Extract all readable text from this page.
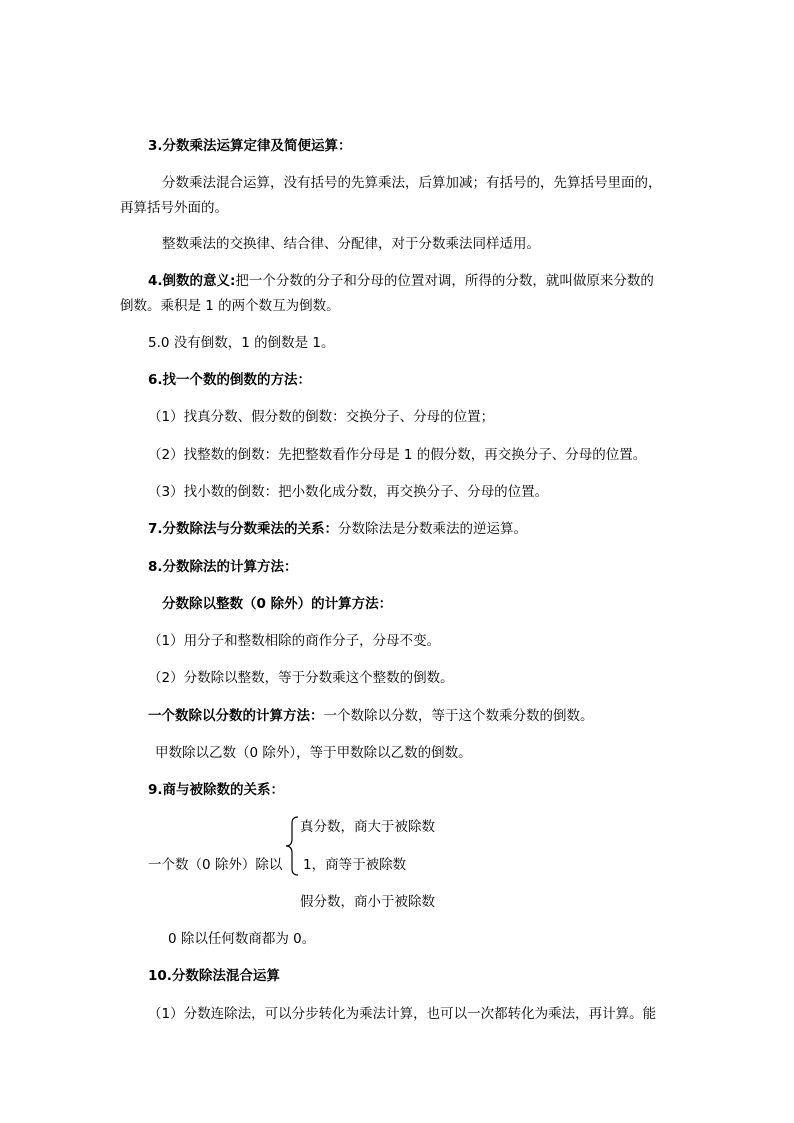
3.分数乘法运算定律及简便运算：
分数乘法混合运算，没有括号的先算乘法，后算加减；有括号的，先算括号里面的，
再算括号外面的。
整数乘法的交换律、结合律、分配律，对于分数乘法同样适用。
4.倒数的意义:把一个分数的分子和分母的位置对调，所得的分数，就叫做原来分数的
倒数。乘积是 1 的两个数互为倒数。
5.0 没有倒数，1 的倒数是 1。
6.找一个数的倒数的方法：
（1）找真分数、假分数的倒数：交换分子、分母的位置；
（2）找整数的倒数：先把整数看作分母是 1 的假分数，再交换分子、分母的位置。
（3）找小数的倒数：把小数化成分数，再交换分子、分母的位置。
7.分数除法与分数乘法的关系：分数除法是分数乘法的逆运算。
8.分数除法的计算方法：
分数除以整数（0 除外）的计算方法：
（1）用分子和整数相除的商作分子，分母不变。
（2）分数除以整数，等于分数乘这个整数的倒数。
一个数除以分数的计算方法：一个数除以分数，等于这个数乘分数的倒数。
甲数除以乙数（0 除外），等于甲数除以乙数的倒数。
9.商与被除数的关系：
真分数，商大于被除数
一个数（0 除外）除以 1，商等于被除数
假分数，商小于被除数
0 除以任何数商都为 0。
10.分数除法混合运算
（1）分数连除法，可以分步转化为乘法计算，也可以一次都转化为乘法，再计算。能
